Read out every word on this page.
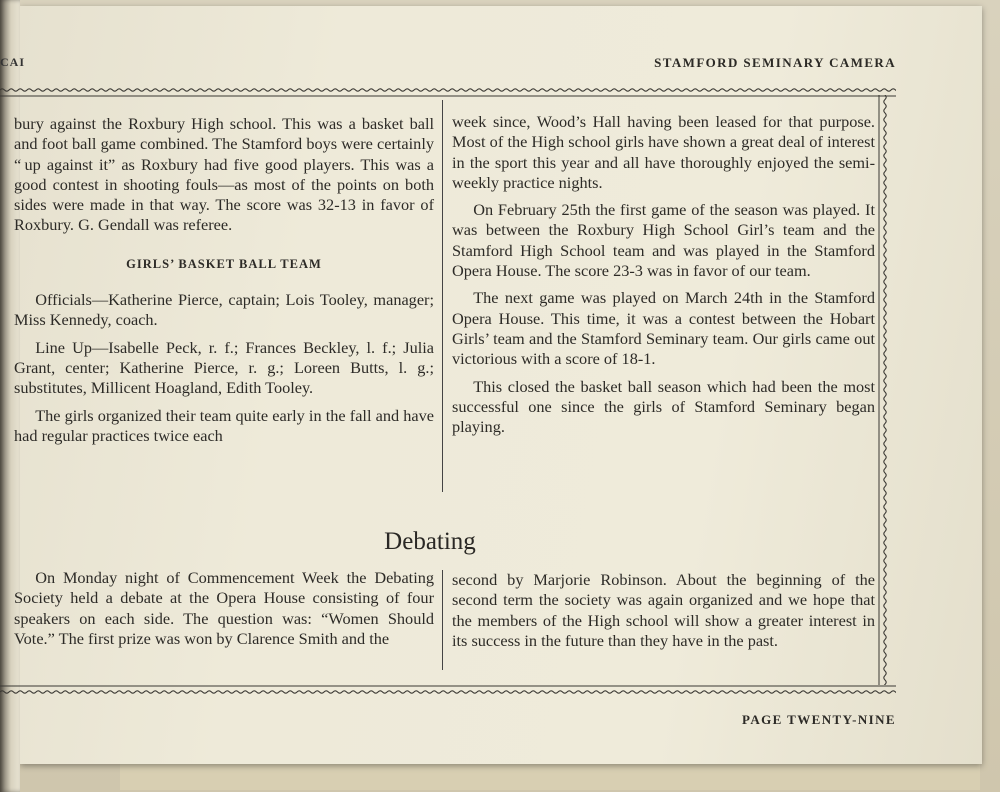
CAI	STAMFORD SEMINARY CAMERA

bury against the Roxbury High school. This was a basket ball and foot ball game combined. The Stamford boys were certainly “ up against it” as Roxbury had five good players. This was a good contest in shooting fouls—as most of the points on both sides were made in that way. The score was 32-13 in favor of Roxbury. G. Gendall was referee.

GIRLS’ BASKET BALL TEAM

Officials—Katherine Pierce, captain; Lois Tooley, manager; Miss Kennedy, coach.

Line Up—Isabelle Peck, r. f.; Frances Beckley, l. f.; Julia Grant, center; Katherine Pierce, r. g.; Loreen Butts, l. g.; substitutes, Millicent Hoagland, Edith Tooley.

The girls organized their team quite early in the fall and have had regular practices twice each

week since, Wood’s Hall having been leased for that purpose. Most of the High school girls have shown a great deal of interest in the sport this year and all have thoroughly enjoyed the semi-weekly practice nights.

On February 25th the first game of the season was played. It was between the Roxbury High School Girl’s team and the Stamford High School team and was played in the Stamford Opera House. The score 23-3 was in favor of our team.

The next game was played on March 24th in the Stamford Opera House. This time, it was a contest between the Hobart Girls’ team and the Stamford Seminary team. Our girls came out victorious with a score of 18-1.

This closed the basket ball season which had been the most successful one since the girls of Stamford Seminary began playing.

Debating

On Monday night of Commencement Week the Debating Society held a debate at the Opera House consisting of four speakers on each side. The question was: “Women Should Vote.” The first prize was won by Clarence Smith and the

second by Marjorie Robinson. About the beginning of the second term the society was again organized and we hope that the members of the High school will show a greater interest in its success in the future than they have in the past.

PAGE TWENTY-NINE
